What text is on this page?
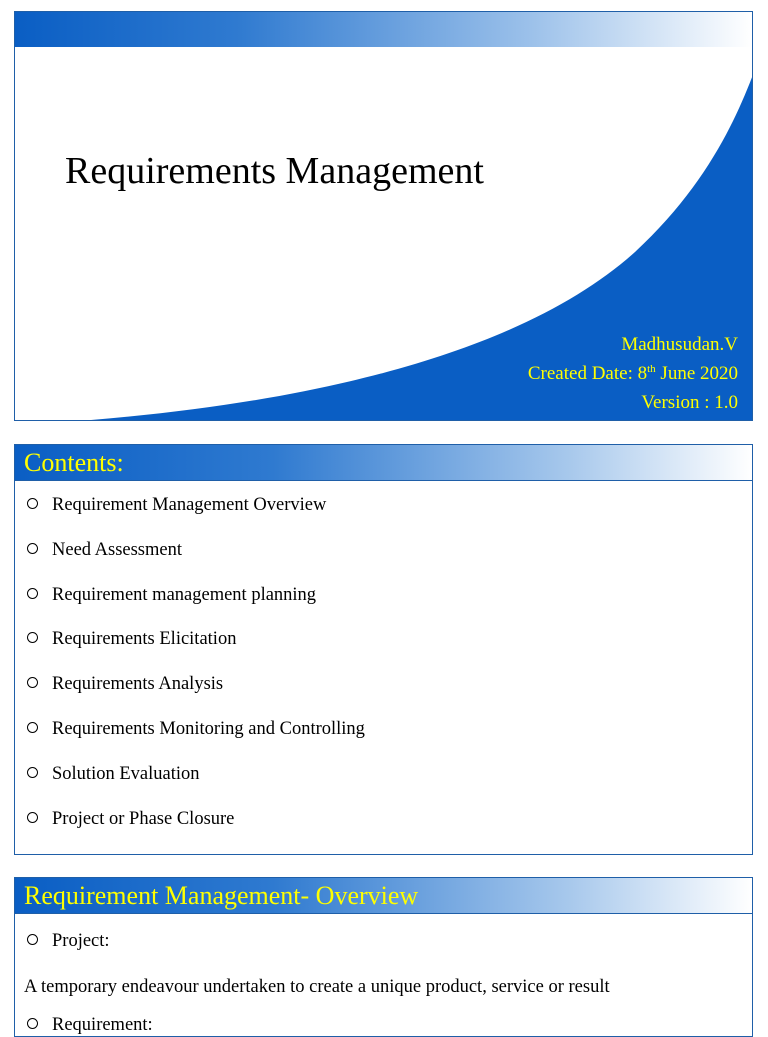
Requirements Management
Madhusudan.V
Created Date: 8th June 2020
Version : 1.0
Contents:
Requirement Management Overview
Need Assessment
Requirement management planning
Requirements Elicitation
Requirements Analysis
Requirements Monitoring and Controlling
Solution Evaluation
Project or Phase Closure
Requirement Management- Overview
Project:
A temporary endeavour undertaken to create a unique product, service or result
Requirement:
